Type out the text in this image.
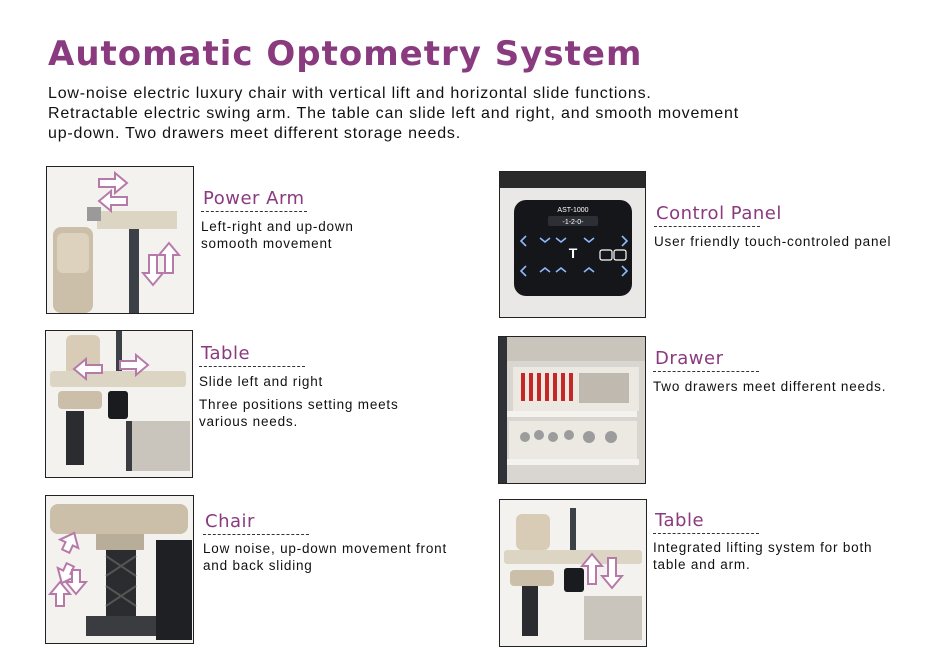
Automatic Optometry System
Low-noise electric luxury chair with vertical lift and horizontal slide functions.
Retractable electric swing arm. The table can slide left and right, and smooth movement
up-down. Two drawers meet different storage needs.
Power Arm

Left-right and up-down somooth movement

AST-1000
-1-2-0-
T
Control Panel

User friendly touch-controled panel

Table

Slide left and right

Three positions setting meets various needs.

Drawer

Two drawers meet different needs.

Chair

Low noise, up-down movement front and back sliding

Table

Integrated lifting system for both table and arm.
